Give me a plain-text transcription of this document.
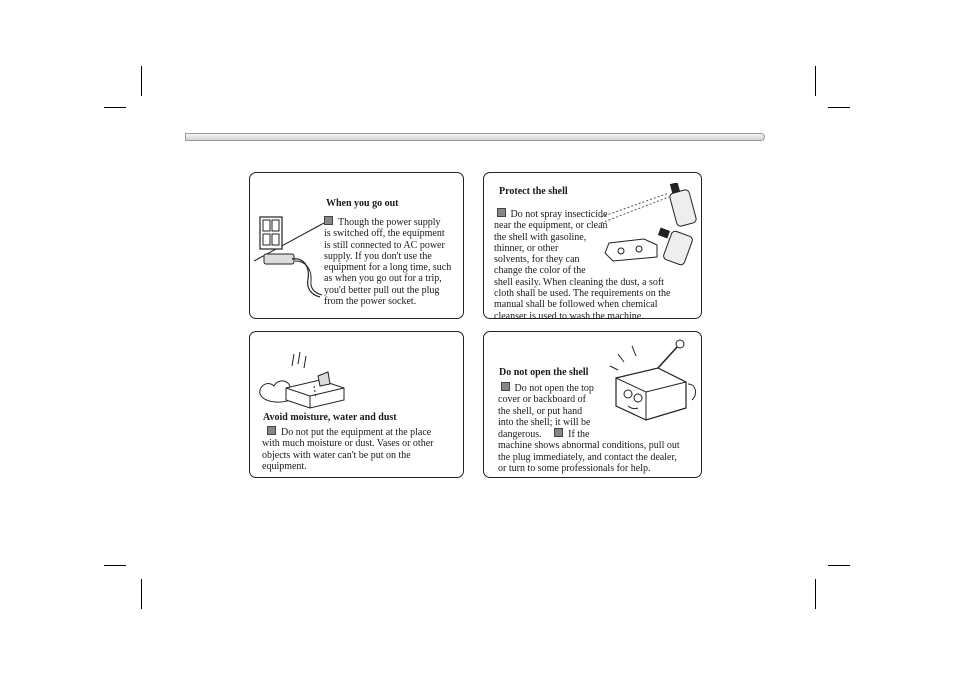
When you go out
Though the power supply
is switched off, the equipment
is still connected to AC power
supply. If you don't use the
equipment for a long time, such
as when you go out for a trip,
you'd better pull out the plug
from the power socket.
Protect the shell
Do not spray insecticide
near the equipment, or clean
the shell with gasoline,
thinner, or other
solvents, for they can
change the color of the
shell easily. When cleaning the dust, a soft
cloth shall be used. The requirements on the
manual shall be followed when chemical
cleanser is used to wash the machine.
Avoid moisture, water and dust
Do not put the equipment at the place
with much moisture or dust. Vases or other
objects with water can't be put on the
equipment.
Do not open the shell
Do not open the top
cover or backboard of
the shell, or put hand
into the shell; it will be
dangerous.	If the
machine shows abnormal conditions, pull out
the plug immediately, and contact the dealer,
or turn to some professionals for help.
